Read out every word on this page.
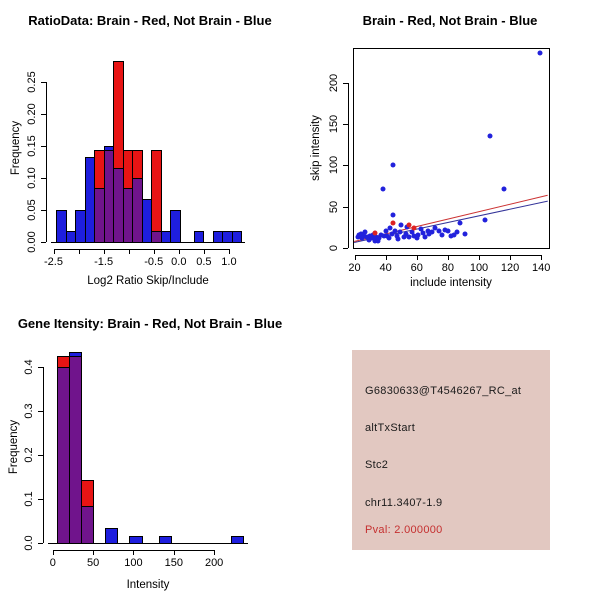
RatioData: Brain - Red, Not Brain - Blue
Log2 Ratio Skip/Include
Frequency
-2.5	-1.5	-0.5 0.0 0.5 1.0
0.00
0.05
0.10
0.15
0.20
0.25
Brain - Red, Not Brain - Blue
include intensity
skip intensity
20 40 60 80 100 120 140
0
50
100
150
200
Gene Itensity: Brain - Red, Not Brain - Blue
Intensity
Frequency
0	50 100 150 200
0.0
0.1
0.2
0.3
0.4
G6830633@T4546267_RC_at
altTxStart
Stc2
chr11.3407-1.9
Pval: 2.000000
